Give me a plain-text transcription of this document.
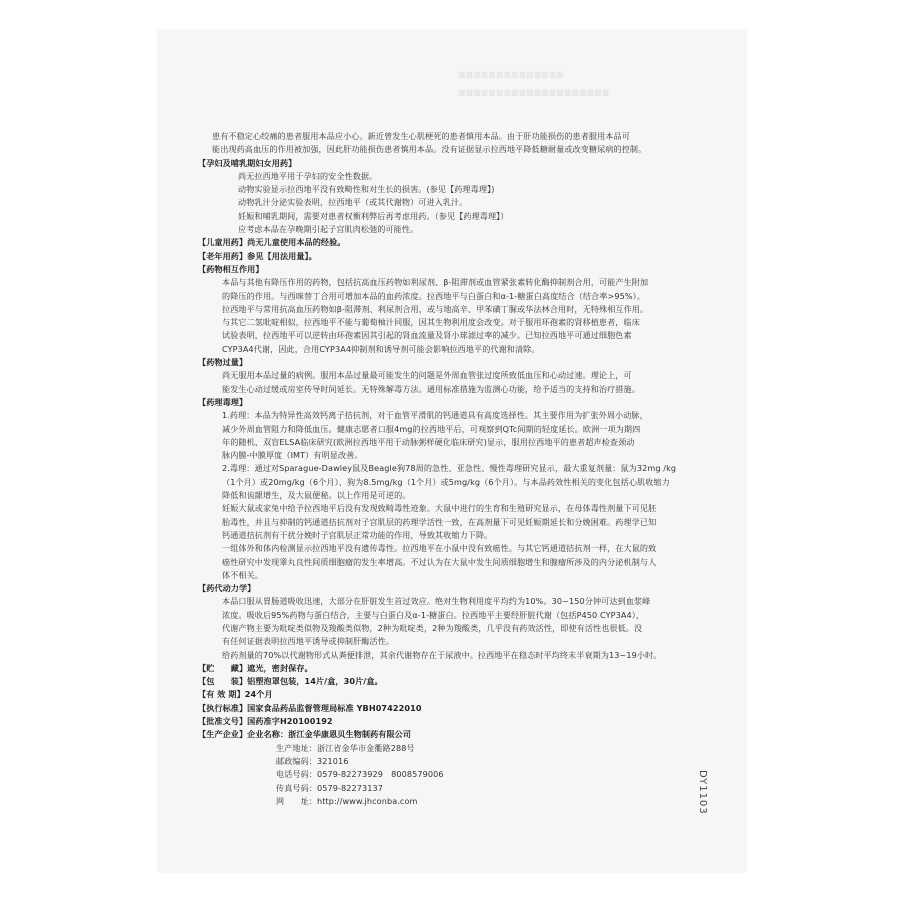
■■■■■■■■■■■■■■
■■■■■■■■■■■■■■■■■■■■
患有不稳定心绞痛的患者服用本品应小心。新近曾发生心肌梗死的患者慎用本品。由于肝功能损伤的患者服用本品可
能出现药高血压的作用被加强，因此肝功能损伤患者慎用本品。没有证据显示拉西地平降低糖耐量或改变糖尿病的控制。
【孕妇及哺乳期妇女用药】
尚无拉西地平用于孕妇的安全性数据。
动物实验显示拉西地平没有致畸性和对生长的损害。(参见【药理毒理】)
动物乳汁分泌实验表明，拉西地平（或其代谢物）可进入乳汁。
妊娠和哺乳期间，需要对患者权衡利弊后再考虑用药。（参见【药理毒理】）
应考虑本品在孕晚期引起子宫肌肉松弛的可能性。
【儿童用药】尚无儿童使用本品的经验。
【老年用药】参见【用法用量】。
【药物相互作用】
本品与其他有降压作用的药物，包括抗高血压药物如利尿剂、β-阻滞剂或血管紧张素转化酶抑制剂合用，可能产生附加
的降压的作用。与西咪替丁合用可增加本品的血药浓度。拉西地平与白蛋白和α-1-糖蛋白高度结合（结合率>95%）。
拉西地平与常用抗高血压药物如β-阻滞剂、利尿剂合用，或与地高辛、甲苯磺丁脲或华法林合用时，无特殊相互作用。
与其它二氢吡啶相似，拉西地平不能与葡萄柚汁同服，因其生物利用度会改变。对于服用环孢素的肾移植患者，临床
试验表明，拉西地平可以逆转由环孢素因其引起的肾血流量及肾小球滤过率的减少。已知拉西地平可通过细胞色素
CYP3A4代谢，因此，合用CYP3A4抑制剂和诱导剂可能会影响拉西地平的代谢和清除。
【药物过量】
尚无服用本品过量的病例。服用本品过量最可能发生的问题是外周血管张过度所致低血压和心动过速。理论上，可
能发生心动过缓或房室传导时间延长。无特殊解毒方法。通用标准措施为监测心功能，给予适当的支持和治疗措施。
【药理毒理】
1.药理：本品为特异性高效钙离子拮抗剂，对于血管平滑肌的钙通道具有高度选择性。其主要作用为扩张外周小动脉，
减少外周血管阻力和降低血压。健康志愿者口服4mg的拉西地平后，可观察到QTc间期的轻度延长。欧洲一项为期四
年的随机、双盲ELSA临床研究(欧洲拉西地平用于动脉粥样硬化临床研究)显示，服用拉西地平的患者超声检查颈动
脉内膜-中膜厚度（IMT）有明显改善。
2.毒理：通过对Sparague-Dawley鼠及Beagle狗78周的急性、亚急性、慢性毒理研究显示，最大重复剂量：鼠为32mg /kg
（1个月）或20mg/kg（6个月）、狗为8.5mg/kg（1个月）或5mg/kg（6个月）。与本品药效性相关的变化包括心肌收缩力
降低和齿龈增生，及大鼠便秘。以上作用是可逆的。
妊娠大鼠或家兔中给予拉西地平后没有发现致畸毒性迹象。大鼠中进行的生育和生殖研究显示，在母体毒性剂量下可见胚
胎毒性，并且与抑制的钙通道拮抗剂对子宫肌层的药理学活性一致，在高剂量下可见妊娠期延长和分娩困难。药理学已知
钙通道拮抗剂有干扰分娩时子宫肌层正常功能的作用，导致其收缩力下降。
一组体外和体内检测显示拉西地平没有遗传毒性。拉西地平在小鼠中没有致癌性。与其它钙通道拮抗剂一样，在大鼠的致
癌性研究中发现睾丸良性间质细胞瘤的发生率增高。不过认为在大鼠中发生间质细胞增生和腺瘤所涉及的内分泌机制与人
体不相关。
【药代动力学】
本品口服从胃肠道吸收迅速，大部分在肝脏发生首过效应。绝对生物利用度平均约为10%。30~150分钟可达到血浆峰
浓度。吸收后95%药物与蛋白结合，主要与白蛋白及α-1-糖蛋白。拉西地平主要经肝脏代谢（包括P450 CYP3A4），
代谢产物主要为吡啶类似物及羧酸类似物，2种为吡啶类，2种为羧酸类，几乎没有药效活性，即使有活性也很低。没
有任何证据表明拉西地平诱导或抑制肝酶活性。
给药剂量的70%以代谢物形式从粪便排泄，其余代谢物存在于尿液中。拉西地平在稳态时平均终末半衰期为13~19小时。
【贮　　藏】遮光，密封保存。
【包　　装】铝塑泡罩包装，14片/盒，30片/盒。
【有 效 期】24个月
【执行标准】国家食品药品监督管理局标准 YBH07422010
【批准文号】国药准字H20100192
【生产企业】企业名称：浙江金华康恩贝生物制药有限公司
生产地址：浙江省金华市金衢路288号
邮政编码：321016
电话号码：0579-82273929　8008579006
传真号码：0579-82273137
网　　址：http://www.jhconba.com	DY1103
